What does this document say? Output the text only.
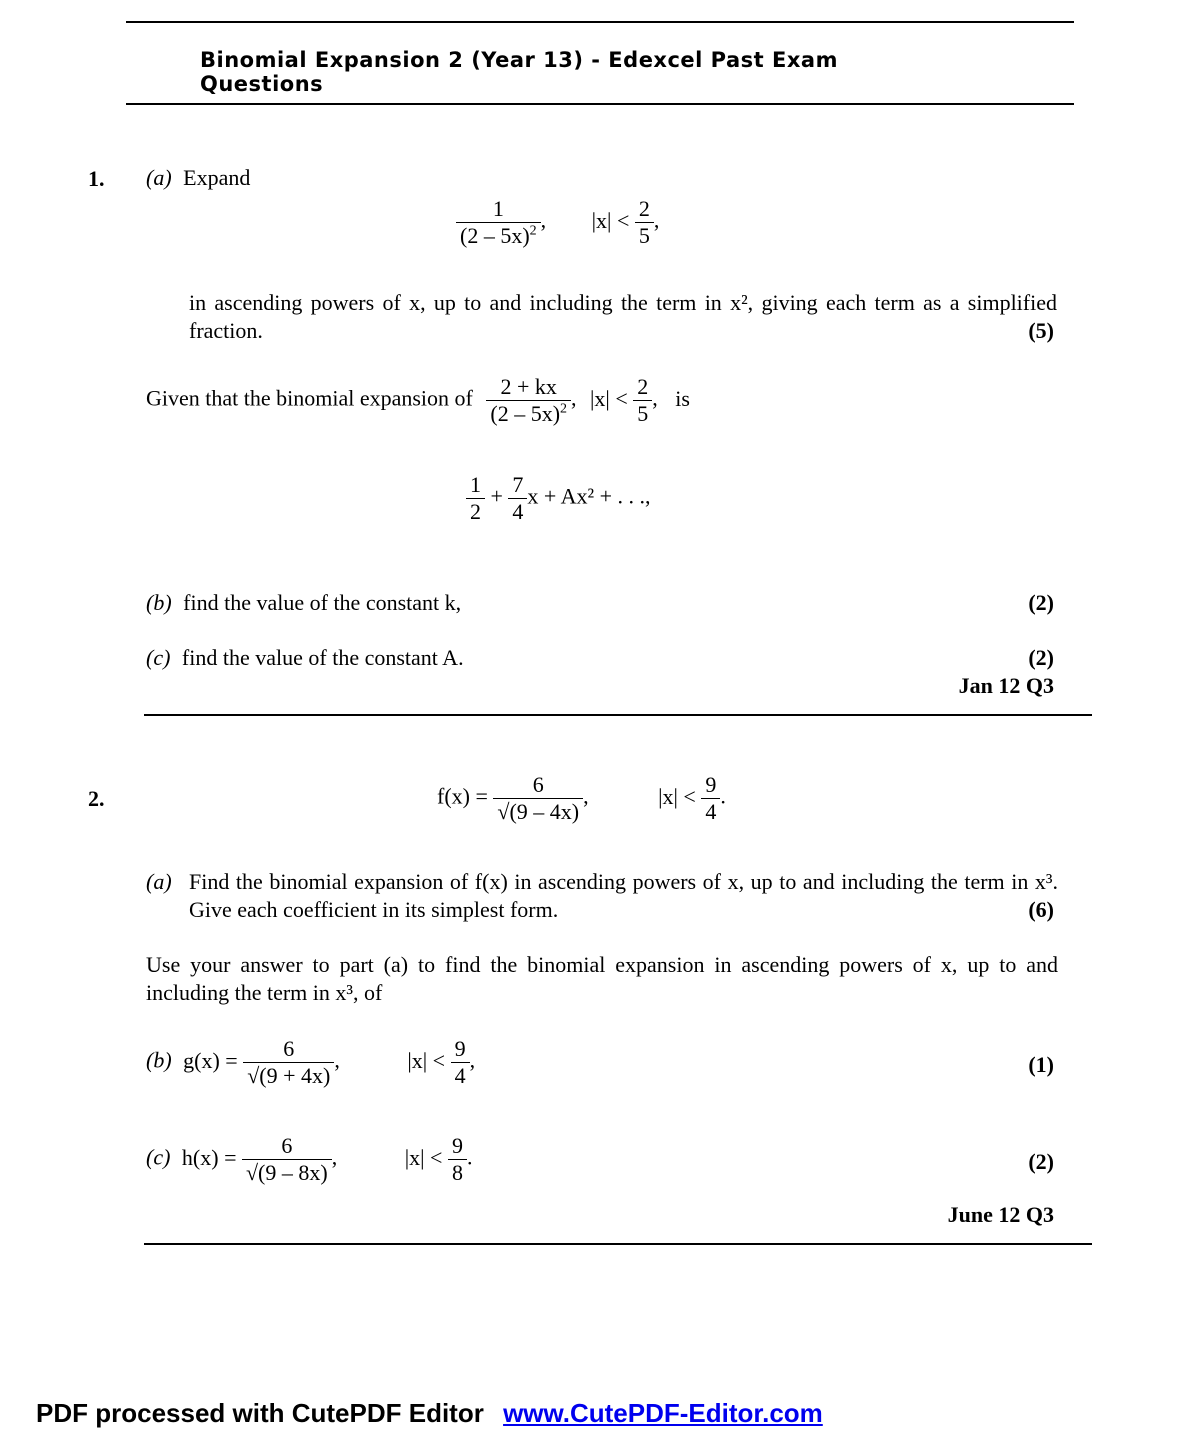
Binomial Expansion 2 (Year 13) - Edexcel Past Exam Questions
1. (a) Expand
$\frac{1}{(2 - 5x)^2}$ , $|x| < \frac{2}{5}$ ,
in ascending powers of x, up to and including the term in x², giving each term as a simplified fraction.	(5)
Given that the binomial expansion of $\frac{2 + kx}{(2 - 5x)^2}$ , $|x| < \frac{2}{5}$ , is
$\frac{1}{2} + \frac{7}{4}$ x + Ax² + . . .,
(b) find the value of the constant k,	(2)
(c) find the value of the constant A.	(2)
Jan 12 Q3
2.	$f(x) = \frac{6}{√(9 - 4x)}$ ,	$|x| < \frac{9}{4}$ .
(a) Find the binomial expansion of f(x) in ascending powers of x, up to and including the term in x³. Give each coefficient in its simplest form.	(6)
Use your answer to part (a) to find the binomial expansion in ascending powers of x, up to and including the term in x³, of
(b) $g(x) = \frac{6}{√(9 + 4x)}$ ,	$|x| < \frac{9}{4}$ ,	(1)
(c) $h(x) = \frac{6}{√(9 - 8x)}$ ,	$|x| < \frac{9}{8}$ .	(2)
June 12 Q3
PDF processed with CutePDF Editor www.CutePDF-Editor.com
